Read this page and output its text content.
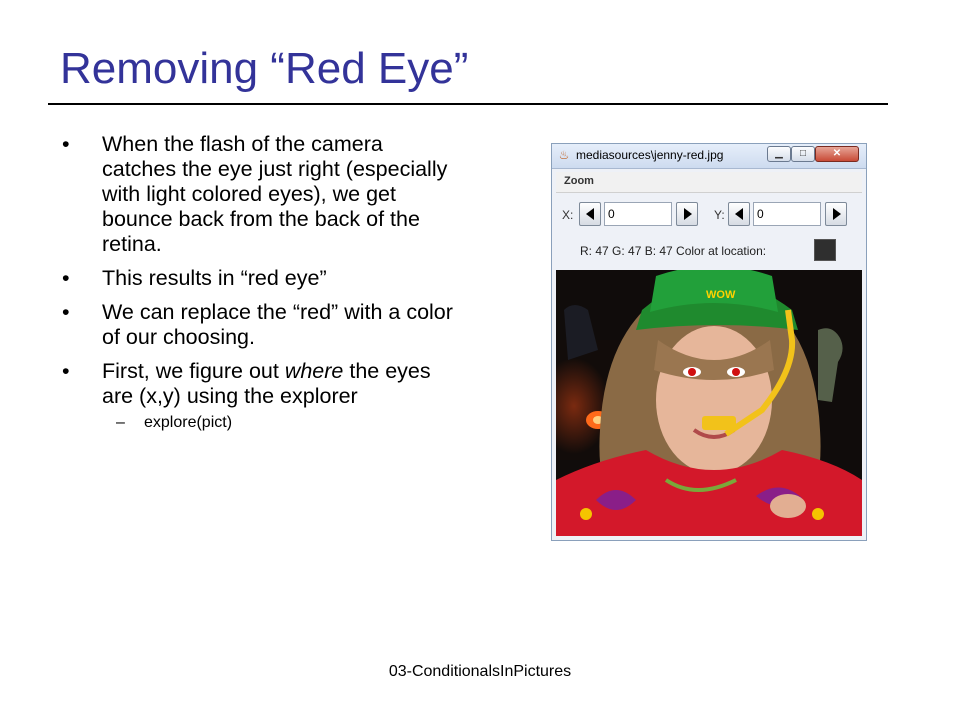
Removing “Red Eye”
• When the flash of the camera catches the eye just right (especially with light colored eyes), we get bounce back from the back of the retina.
• This results in “red eye”
• We can replace the “red” with a color of our choosing.
• First, we figure out where the eyes are (x,y) using the explorer
– explore(pict)
♨ mediasources\jenny-red.jpg	▁	□	✕
Zoom
X:
0	Y:
0
R: 47 G: 47 B: 47 Color at location:
WOW
03-ConditionalsInPictures
